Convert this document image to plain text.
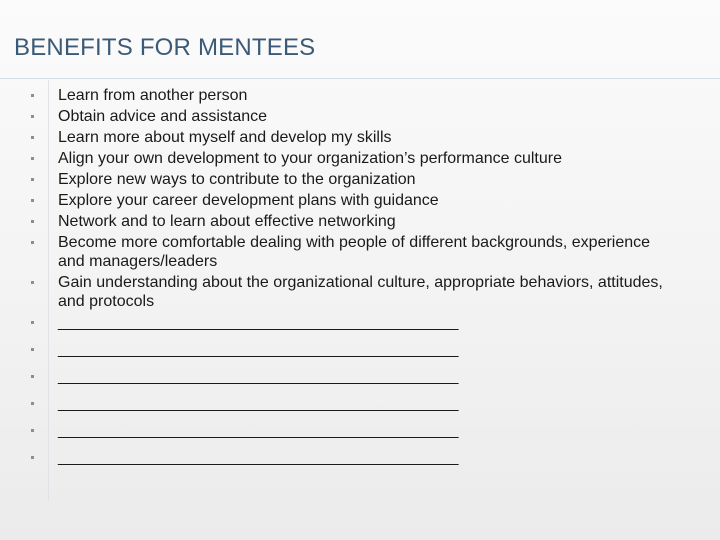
BENEFITS FOR MENTEES
Learn from another person
Obtain advice and assistance
Learn more about myself and develop my skills
Align your own development to your organization’s performance culture
Explore new ways to contribute to the organization
Explore your career development plans with guidance
Network and to learn about effective networking
Become more comfortable dealing with people of different backgrounds, experience and managers/leaders
Gain understanding about the organizational culture, appropriate behaviors, attitudes, and protocols
_____________________________________________
_____________________________________________
_____________________________________________
_____________________________________________
_____________________________________________
_____________________________________________
